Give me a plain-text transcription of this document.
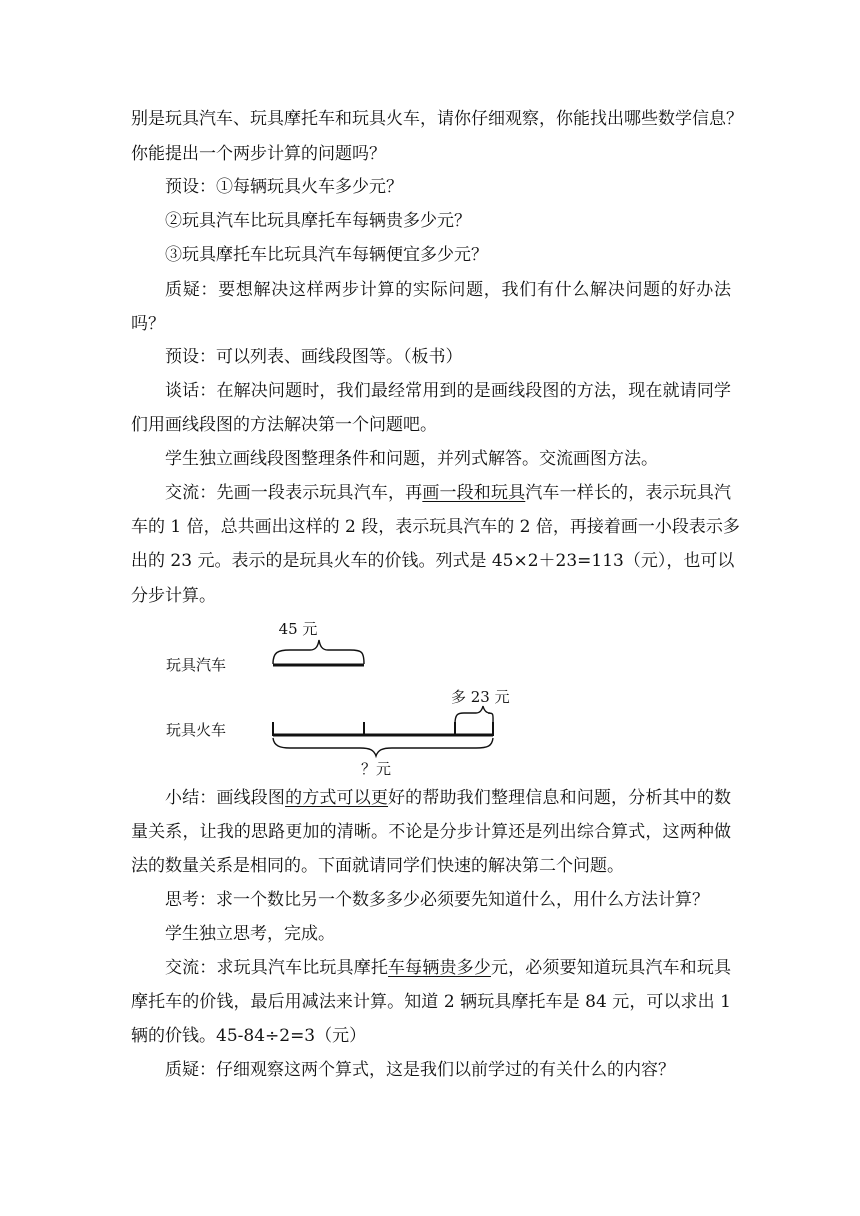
别是玩具汽车、玩具摩托车和玩具火车，请你仔细观察，你能找出哪些数学信息？
你能提出一个两步计算的问题吗？
预设：①每辆玩具火车多少元？
②玩具汽车比玩具摩托车每辆贵多少元？
③玩具摩托车比玩具汽车每辆便宜多少元？
质疑：要想解决这样两步计算的实际问题，我们有什么解决问题的好办法
吗？
预设：可以列表、画线段图等。（板书）
谈话：在解决问题时，我们最经常用到的是画线段图的方法，现在就请同学
们用画线段图的方法解决第一个问题吧。
学生独立画线段图整理条件和问题，并列式解答。交流画图方法。
交流：先画一段表示玩具汽车，再画一段和玩具汽车一样长的，表示玩具汽
车的 1 倍，总共画出这样的 2 段，表示玩具汽车的 2 倍，再接着画一小段表示多
出的 23 元。表示的是玩具火车的价钱。列式是 45×2＋23=113（元），也可以
分步计算。
45 元
玩具汽车
多 23 元
玩具火车
？元
小结：画线段图的方式可以更好的帮助我们整理信息和问题，分析其中的数
量关系，让我的思路更加的清晰。不论是分步计算还是列出综合算式，这两种做
法的数量关系是相同的。下面就请同学们快速的解决第二个问题。
思考：求一个数比另一个数多多少必须要先知道什么，用什么方法计算？
学生独立思考，完成。
交流：求玩具汽车比玩具摩托车每辆贵多少元，必须要知道玩具汽车和玩具
摩托车的价钱，最后用减法来计算。知道 2 辆玩具摩托车是 84 元，可以求出 1
辆的价钱。45-84÷2=3（元）
质疑：仔细观察这两个算式，这是我们以前学过的有关什么的内容？
